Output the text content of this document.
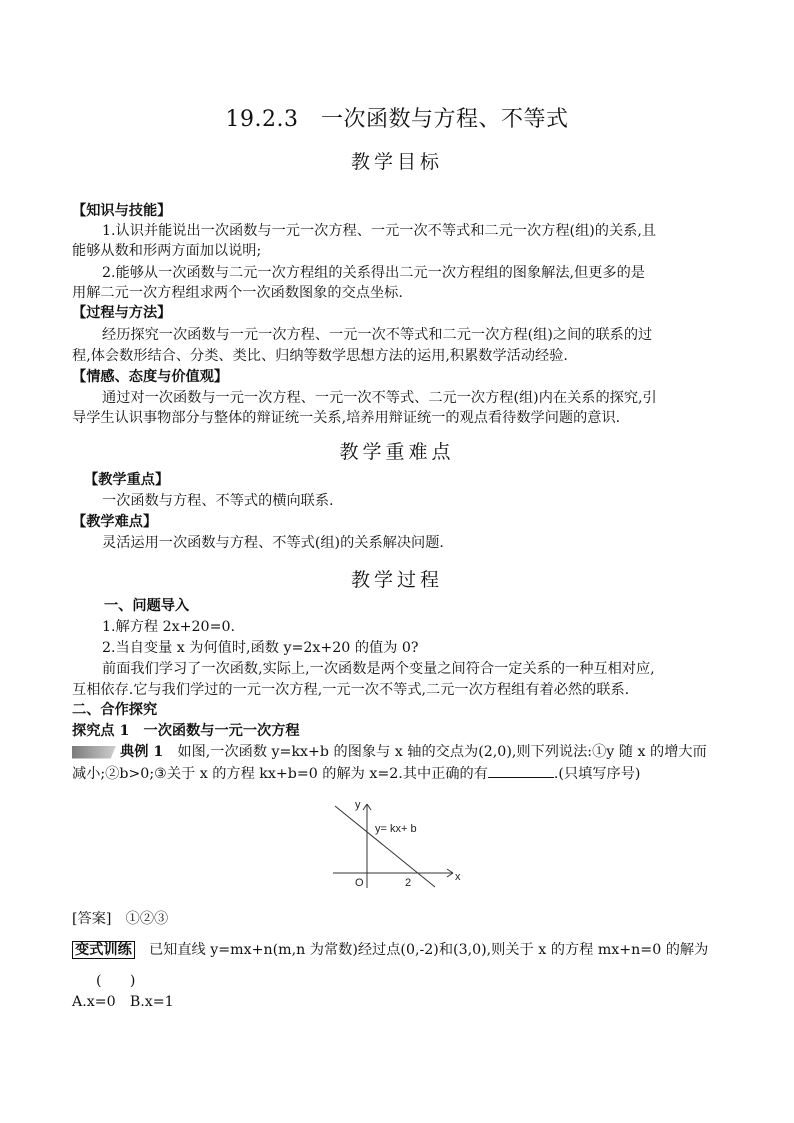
19.2.3　一次函数与方程、不等式
教学目标
【知识与技能】
1.认识并能说出一次函数与一元一次方程、一元一次不等式和二元一次方程(组)的关系,且
能够从数和形两方面加以说明;
2.能够从一次函数与二元一次方程组的关系得出二元一次方程组的图象解法,但更多的是
用解二元一次方程组求两个一次函数图象的交点坐标.
【过程与方法】
经历探究一次函数与一元一次方程、一元一次不等式和二元一次方程(组)之间的联系的过
程,体会数形结合、分类、类比、归纳等数学思想方法的运用,积累数学活动经验.
【情感、态度与价值观】
通过对一次函数与一元一次方程、一元一次不等式、二元一次方程(组)内在关系的探究,引
导学生认识事物部分与整体的辩证统一关系,培养用辩证统一的观点看待数学问题的意识.
教学重难点
【教学重点】
一次函数与方程、不等式的横向联系.
【教学难点】
灵活运用一次函数与方程、不等式(组)的关系解决问题.
教学过程
一、问题导入
1.解方程 2x+20=0.
2.当自变量 x 为何值时,函数 y=2x+20 的值为 0?
前面我们学习了一次函数,实际上,一次函数是两个变量之间符合一定关系的一种互相对应,
互相依存.它与我们学过的一元一次方程,一元一次不等式,二元一次方程组有着必然的联系.
二、合作探究
探究点 1　一次函数与一元一次方程
典例 1　 如图,一次函数 y=kx+b 的图象与 x 轴的交点为(2,0),则下列说法:①y 随 x 的增大而
减小;②b>0;③关于 x 的方程 kx+b=0 的解为 x=2.其中正确的有	.(只填写序号)
y
x
O	2
y= kx+ b
[答案]　 ①②③
变式训练　 已知直线 y=mx+n(m,n 为常数)经过点(0,-2)和(3,0),则关于 x 的方程 mx+n=0 的解为
(　　)
A.x=0　B.x=1
